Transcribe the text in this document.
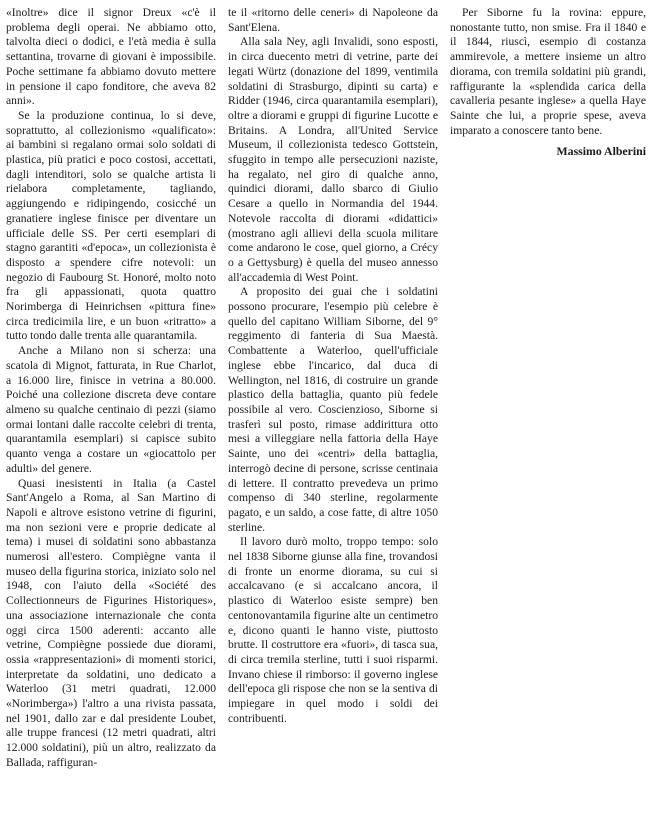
«Inoltre» dice il signor Dreux «c'è il problema degli operai. Ne abbiamo otto, talvolta dieci o dodici, e l'età media è sulla settantina, trovarne di giovani è impossibile. Poche settimane fa abbiamo dovuto mettere in pensione il capo fonditore, che aveva 82 anni».

Se la produzione continua, lo si deve, soprattutto, al collezionismo «qualificato»: ai bambini si regalano ormai solo soldati di plastica, più pratici e poco costosi, accettati, dagli intenditori, solo se qualche artista li rielabora completamente, tagliando, aggiungendo e ridipingendo, cosicché un granatiere inglese finisce per diventare un ufficiale delle SS. Per certi esemplari di stagno garantiti «d'epoca», un collezionista è disposto a spendere cifre notevoli: un negozio di Faubourg St. Honoré, molto noto fra gli appassionati, quota quattro Norimberga di Heinrichsen «pittura fine» circa tredicimila lire, e un buon «ritratto» a tutto tondo dalle trenta alle quarantamila.

Anche a Milano non si scherza: una scatola di Mignot, fatturata, in Rue Charlot, a 16.000 lire, finisce in vetrina a 80.000. Poiché una collezione discreta deve contare almeno su qualche centinaio di pezzi (siamo ormai lontani dalle raccolte celebri di trenta, quarantamila esemplari) si capisce subito quanto venga a costare un «giocattolo per adulti» del genere.

Quasi inesistenti in Italia (a Castel Sant'Angelo a Roma, al San Martino di Napoli e altrove esistono vetrine di figurini, ma non sezioni vere e proprie dedicate al tema) i musei di soldatini sono abbastanza numerosi all'estero. Compiègne vanta il museo della figurina storica, iniziato solo nel 1948, con l'aiuto della «Société des Collectionneurs de Figurines Historiques», una associazione internazionale che conta oggi circa 1500 aderenti: accanto alle vetrine, Compiègne possiede due diorami, ossia «rappresentazioni» di momenti storici, interpretate da soldatini, uno dedicato a Waterloo (31 metri quadrati, 12.000 «Norimberga») l'altro a una rivista passata, nel 1901, dallo zar e dal presidente Loubet, alle truppe francesi (12 metri quadrati, altri 12.000 soldatini), più un altro, realizzato da Ballada, raffiguran-

te il «ritorno delle ceneri» di Napoleone da Sant'Elena.

Alla sala Ney, agli Invalidi, sono esposti, in circa duecento metri di vetrine, parte dei legati Würtz (donazione del 1899, ventimila soldatini di Strasburgo, dipinti su carta) e Ridder (1946, circa quarantamila esemplari), oltre a diorami e gruppi di figurine Lucotte e Britains. A Londra, all'United Service Museum, il collezionista tedesco Gottstein, sfuggito in tempo alle persecuzioni naziste, ha regalato, nel giro di qualche anno, quindici diorami, dallo sbarco di Giulio Cesare a quello in Normandia del 1944. Notevole raccolta di diorami «didattici» (mostrano agli allievi della scuola militare come andarono le cose, quel giorno, a Crécy o a Gettysburg) è quella del museo annesso all'accademia di West Point.

A proposito dei guai che i soldatini possono procurare, l'esempio più celebre è quello del capitano William Siborne, del 9° reggimento di fanteria di Sua Maestà. Combattente a Waterloo, quell'ufficiale inglese ebbe l'incarico, dal duca di Wellington, nel 1816, di costruire un grande plastico della battaglia, quanto più fedele possibile al vero. Coscienzioso, Siborne si trasferì sul posto, rimase addirittura otto mesi a villeggiare nella fattoria della Haye Sainte, uno dei «centri» della battaglia, interrogò decine di persone, scrisse centinaia di lettere. Il contratto prevedeva un primo compenso di 340 sterline, regolarmente pagato, e un saldo, a cose fatte, di altre 1050 sterline.

Il lavoro durò molto, troppo tempo: solo nel 1838 Siborne giunse alla fine, trovandosi di fronte un enorme diorama, su cui si accalcavano (e si accalcano ancora, il plastico di Waterloo esiste sempre) ben centonovantamila figurine alte un centimetro e, dicono quanti le hanno viste, piuttosto brutte. Il costruttore era «fuori», di tasca sua, di circa tremila sterline, tutti i suoi risparmi. Invano chiese il rimborso: il governo inglese dell'epoca gli rispose che non se la sentiva di impiegare in quel modo i soldi dei contribuenti.

Per Siborne fu la rovina: eppure, nonostante tutto, non smise. Fra il 1840 e il 1844, riuscì, esempio di costanza ammirevole, a mettere insieme un altro diorama, con tremila soldatini più grandi, raffigurante la «splendida carica della cavalleria pesante inglese» a quella Haye Sainte che lui, a proprie spese, aveva imparato a conoscere tanto bene.

Massimo Alberini
